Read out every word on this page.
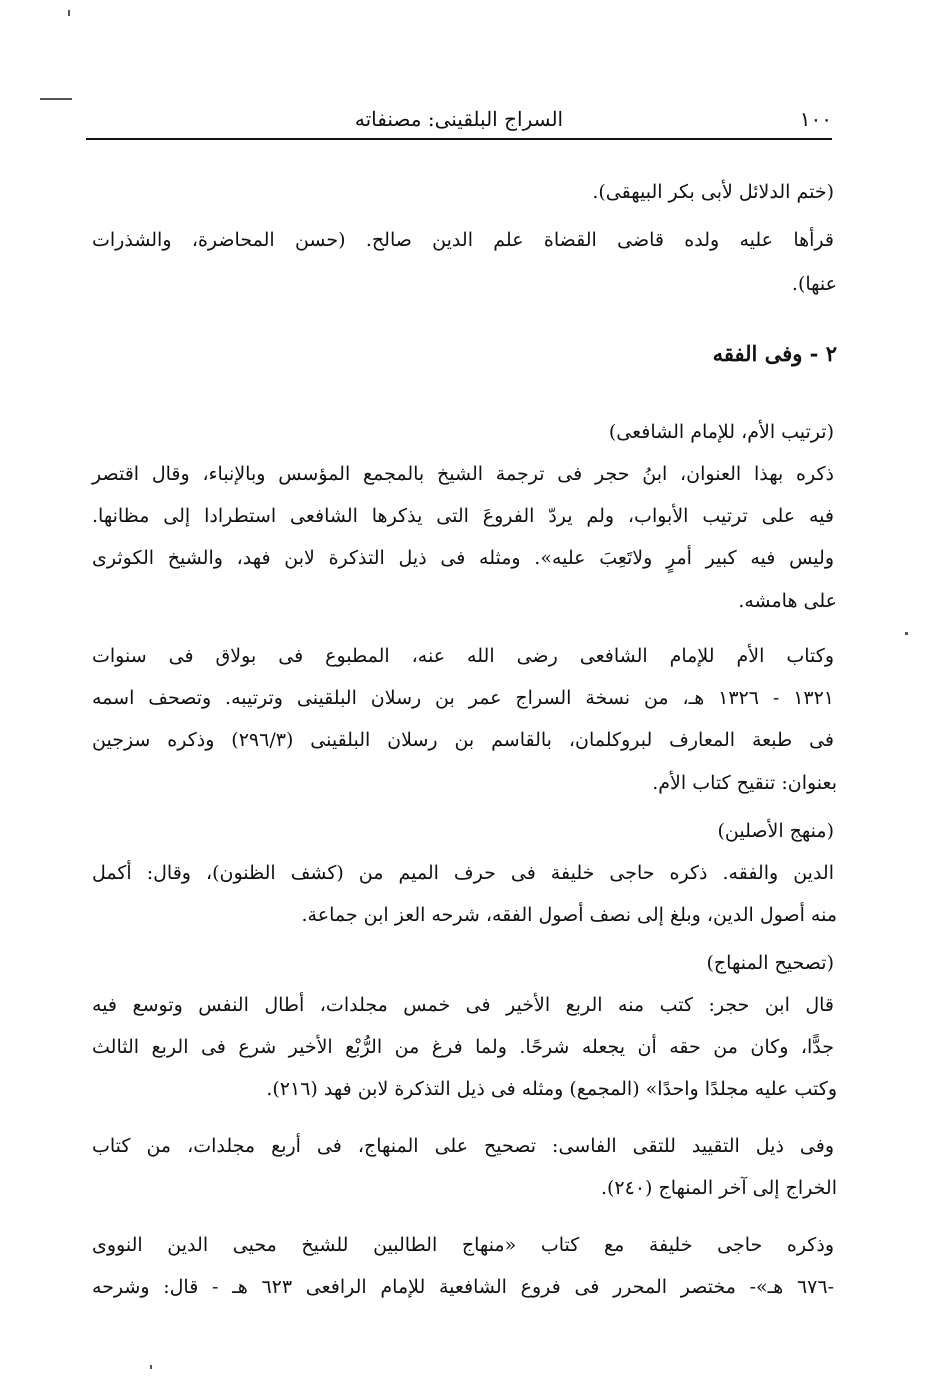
السراج البلقينى: مصنفاته	١٠٠
(ختم الدلائل لأبى بكر البيهقى).
قرأها عليه ولده قاضى القضاة علم الدين صالح. (حسن المحاضرة، والشذرات
عنها).
٢ - وفى الفقه
(ترتيب الأم، للإمام الشافعى)
ذكره بهذا العنوان، ابنُ حجر فى ترجمة الشيخ بالمجمع المؤسس وبالإنباء، وقال اقتصر
فيه على ترتيب الأبواب، ولم يردّ الفروعَ التى يذكرها الشافعى استطرادا إلى مظانها.
وليس فيه كبير أمرٍ ولاتَعِبَ عليه». ومثله فى ذيل التذكرة لابن فهد، والشيخ الكوثرى
على هامشه.
وكتاب الأم للإمام الشافعى رضى الله عنه، المطبوع فى بولاق فى سنوات
١٣٢١ - ١٣٢٦ هـ، من نسخة السراج عمر بن رسلان البلقينى وترتيبه. وتصحف اسمه
فى طبعة المعارف لبروكلمان، بالقاسم بن رسلان البلقينى (٢٩٦/٣) وذكره سزجين
بعنوان: تنقيح كتاب الأم.
(منهج الأصلين)
الدين والفقه. ذكره حاجى خليفة فى حرف الميم من (كشف الظنون)، وقال: أكمل
منه أصول الدين، وبلغ إلى نصف أصول الفقه، شرحه العز ابن جماعة.
(تصحيح المنهاج)
قال ابن حجر: كتب منه الربع الأخير فى خمس مجلدات، أطال النفس وتوسع فيه
جدًّا، وكان من حقه أن يجعله شرحًا. ولما فرغ من الرُّبْع الأخير شرع فى الربع الثالث
وكتب عليه مجلدًا واحدًا» (المجمع) ومثله فى ذيل التذكرة لابن فهد (٢١٦).
وفى ذيل التقييد للتقى الفاسى: تصحيح على المنهاج، فى أربع مجلدات، من كتاب
الخراج إلى آخر المنهاج (٢٤٠).
وذكره حاجى خليفة مع كتاب «منهاج الطالبين للشيخ محيى الدين النووى
-٦٧٦ هـ»- مختصر المحرر فى فروع الشافعية للإمام الرافعى ٦٢٣ هـ - قال: وشرحه
